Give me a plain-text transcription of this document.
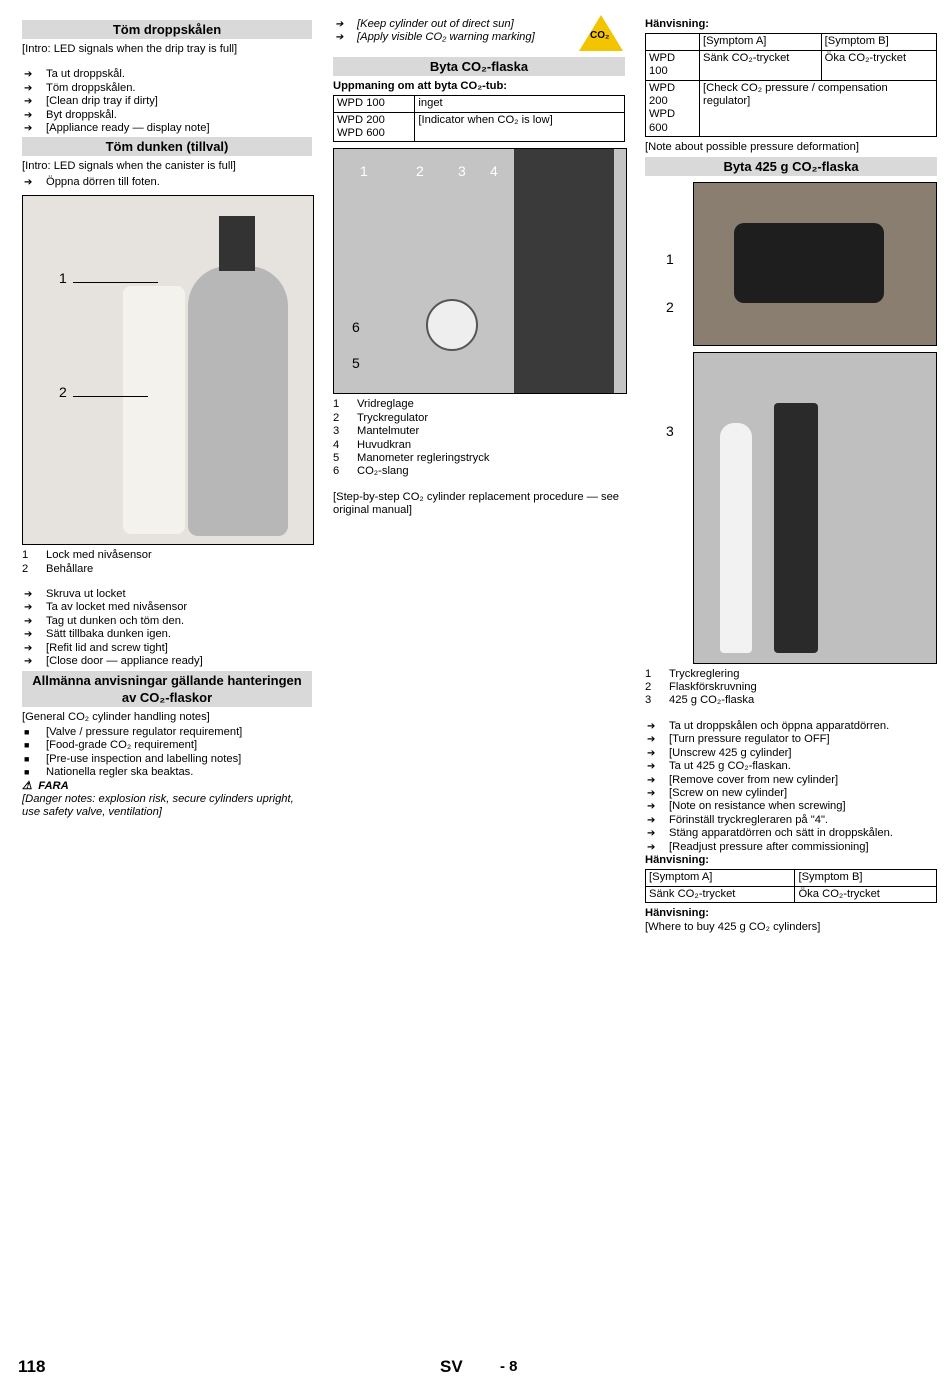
Töm droppskålen
[Intro: LED signals when the drip tray is full]
➔ Ta ut droppskål.
➔ Töm droppskålen.
➔ [Clean drip tray if dirty]
➔ Byt droppskål.
➔ [Appliance ready — display note]
Töm dunken (tillval)
[Intro: LED signals when the canister is full]
➔ Öppna dörren till foten.
1
2
1 Lock med nivåsensor
2 Behållare
➔ Skruva ut locket
➔ Ta av locket med nivåsensor
➔ Tag ut dunken och töm den.
➔ Sätt tillbaka dunken igen.
➔ [Refit lid and screw tight]
➔ [Close door — appliance ready]
Allmänna anvisningar gällande hanteringen av CO₂-flaskor
[General CO₂ cylinder handling notes]
■ [Valve / pressure regulator requirement]
■ [Food-grade CO₂ requirement]
■ [Pre-use inspection and labelling notes]
■ Nationella regler ska beaktas.
⚠  FARA
[Danger notes: explosion risk, secure cylinders upright, use safety valve, ventilation]
➔ [Keep cylinder out of direct sun]
➔ [Apply visible CO₂ warning marking]	CO₂
Byta CO₂-flaska
Uppmaning om att byta CO₂-tub:
WPD 100	inget
WPD 200
WPD 600	[Indicator when CO₂ is low]
1	2 3 4
6
5
1 Vridreglage
2 Tryckregulator
3 Mantelmuter
4 Huvudkran
5 Manometer regleringstryck
6 CO₂-slang
[Step-by-step CO₂ cylinder replacement procedure — see original manual]
Hänvisning:
	[Symptom A]	[Symptom B]
WPD 100	Sänk CO₂-trycket	Öka CO₂-trycket
WPD 200
WPD 600	[Check CO₂ pressure / compensation regulator]	
[Note about possible pressure deformation]
Byta 425 g CO₂-flaska
1
2
3
1 Tryckreglering
2 Flaskförskruvning
3 425 g CO₂-flaska
➔ Ta ut droppskålen och öppna apparatdörren.
➔ [Turn pressure regulator to OFF]
➔ [Unscrew 425 g cylinder]
➔ Ta ut 425 g CO₂-flaskan.
➔ [Remove cover from new cylinder]
➔ [Screw on new cylinder]
➔ [Note on resistance when screwing]
➔ Förinställ tryckregleraren på "4".
➔ Stäng apparatdörren och sätt in droppskålen.
➔ [Readjust pressure after commissioning]
Hänvisning:
[Symptom A]	[Symptom B]
Sänk CO₂-trycket	Öka CO₂-trycket
Hänvisning:
[Where to buy 425 g CO₂ cylinders]
118	SV - 8
